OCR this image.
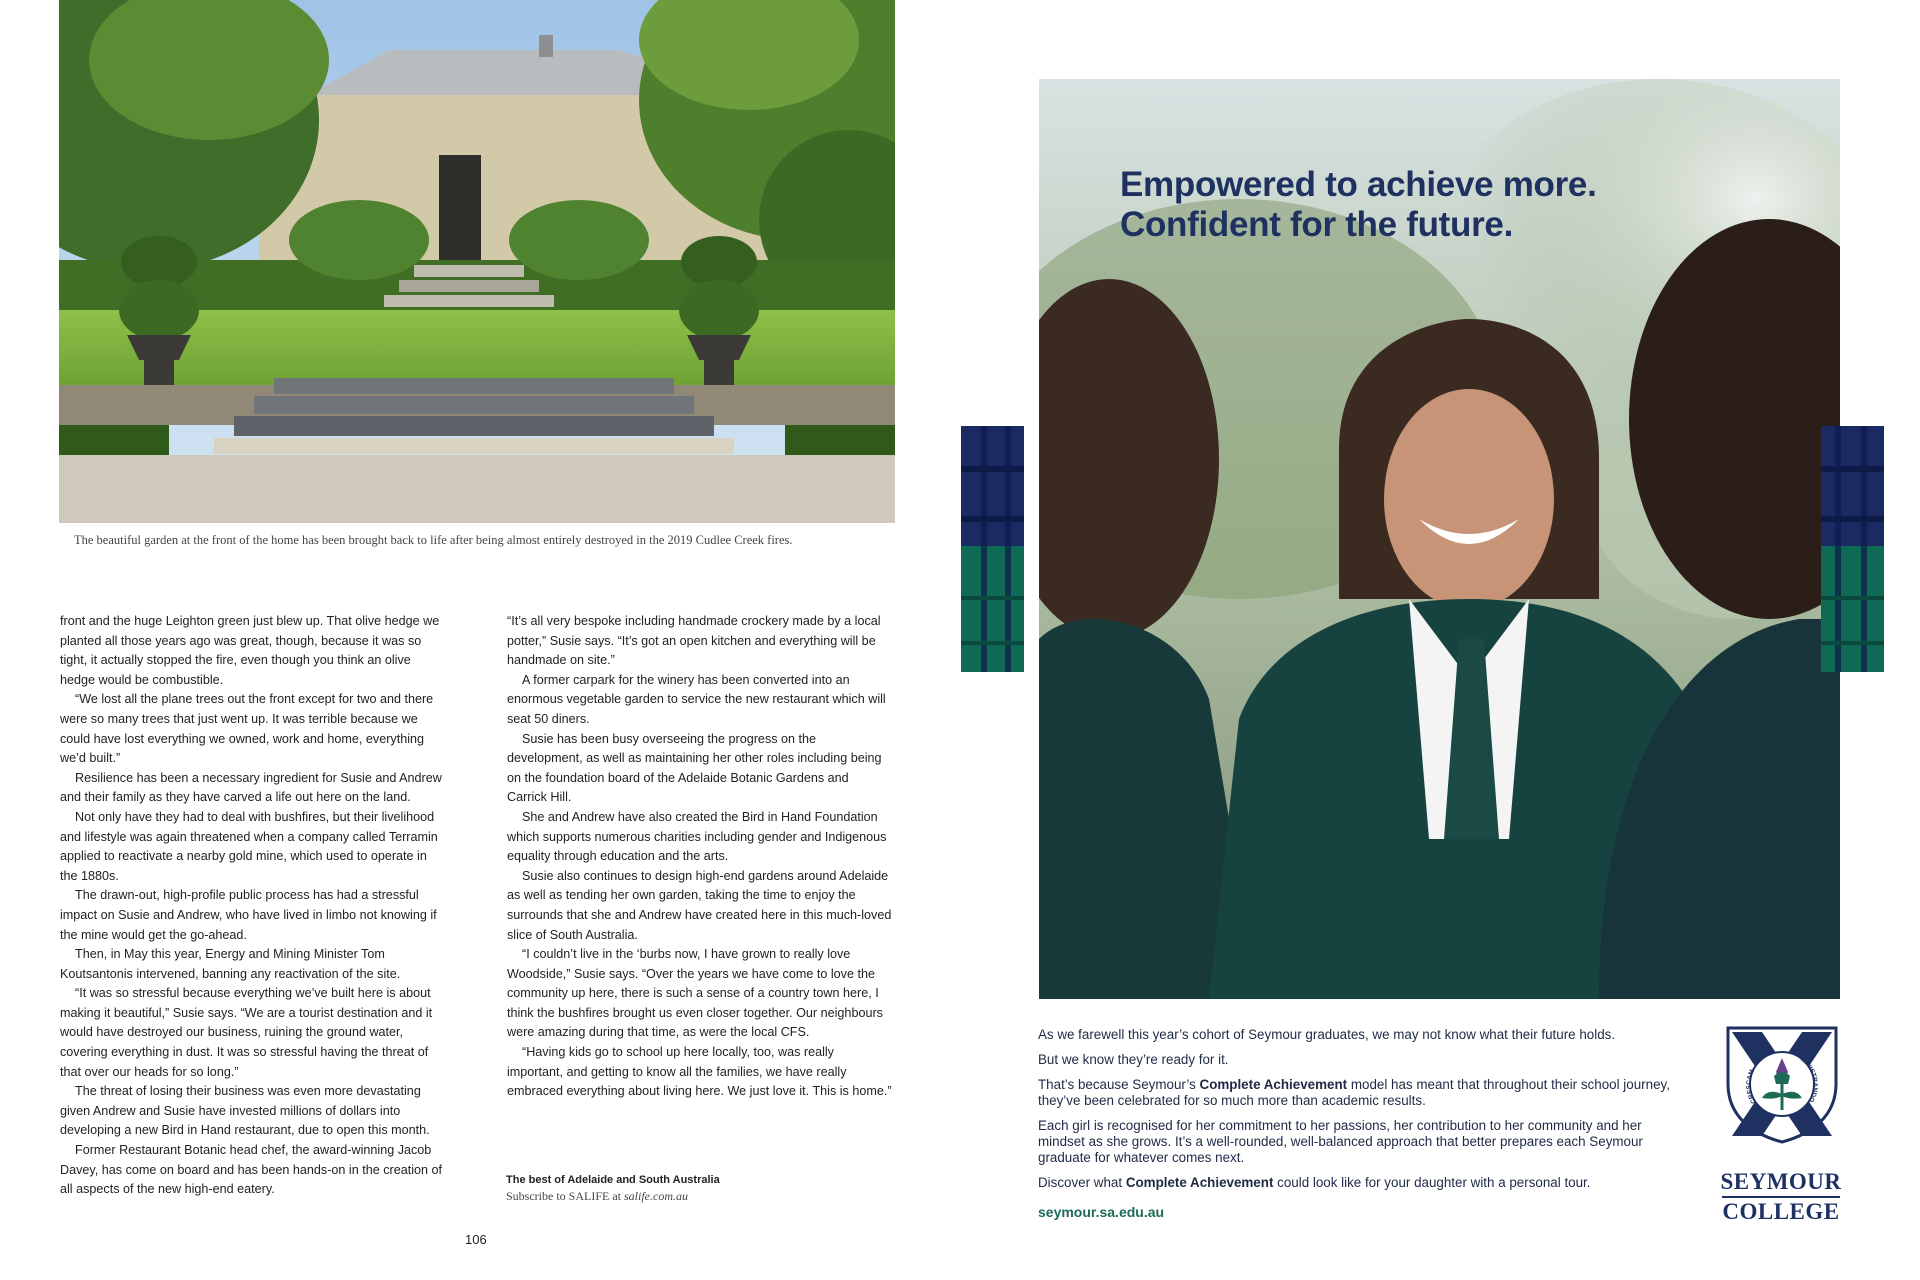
The beautiful garden at the front of the home has been brought back to life after being almost entirely destroyed in the 2019 Cudlee Creek fires.

front and the huge Leighton green just blew up. That olive hedge we planted all those years ago was great, though, because it was so tight, it actually stopped the fire, even though you think an olive hedge would be combustible.

“We lost all the plane trees out the front except for two and there were so many trees that just went up. It was terrible because we could have lost everything we owned, work and home, everything we’d built.”

Resilience has been a necessary ingredient for Susie and Andrew and their family as they have carved a life out here on the land.

Not only have they had to deal with bushfires, but their livelihood and lifestyle was again threatened when a company called Terramin applied to reactivate a nearby gold mine, which used to operate in the 1880s.

The drawn-out, high-profile public process has had a stressful impact on Susie and Andrew, who have lived in limbo not knowing if the mine would get the go-ahead.

Then, in May this year, Energy and Mining Minister Tom Koutsantonis intervened, banning any reactivation of the site.

“It was so stressful because everything we’ve built here is about making it beautiful,” Susie says. “We are a tourist destination and it would have destroyed our business, ruining the ground water, covering everything in dust. It was so stressful having the threat of that over our heads for so long.”

The threat of losing their business was even more devastating given Andrew and Susie have invested millions of dollars into developing a new Bird in Hand restaurant, due to open this month.

Former Restaurant Botanic head chef, the award-winning Jacob Davey, has come on board and has been hands-on in the creation of all aspects of the new high-end eatery.

“It’s all very bespoke including handmade crockery made by a local potter,” Susie says. “It’s got an open kitchen and everything will be handmade on site.”

A former carpark for the winery has been converted into an enormous vegetable garden to service the new restaurant which will seat 50 diners.

Susie has been busy overseeing the progress on the development, as well as maintaining her other roles including being on the foundation board of the Adelaide Botanic Gardens and Carrick Hill.

She and Andrew have also created the Bird in Hand Foundation which supports numerous charities including gender and Indigenous equality through education and the arts.

Susie also continues to design high-end gardens around Adelaide as well as tending her own garden, taking the time to enjoy the surrounds that she and Andrew have created here in this much-loved slice of South Australia.

“I couldn’t live in the ‘burbs now, I have grown to really love Woodside,” Susie says. “Over the years we have come to love the community up here, there is such a sense of a country town here, I think the bushfires brought us even closer together. Our neighbours were amazing during that time, as were the local CFS.

“Having kids go to school up here locally, too, was really important, and getting to know all the families, we have really embraced everything about living here. We just love it. This is home.”

The best of Adelaide and South Australia
Subscribe to SALIFE at salife.com.au
106
Empowered to achieve more.
Confident for the future.

As we farewell this year’s cohort of Seymour graduates, we may not know what their future holds.

But we know they’re ready for it.

That’s because Seymour’s Complete Achievement model has meant that throughout their school journey, they’ve been celebrated for so much more than academic results.

Each girl is recognised for her commitment to her passions, her contribution to her community and her mindset as she grows. It’s a well-rounded, well-balanced approach that better prepares each Seymour graduate for whatever comes next.

Discover what Complete Achievement could look like for your daughter with a personal tour.

seymour.sa.edu.au
CRESCAM
MINISTRANDO
SEYMOUR
COLLEGE
